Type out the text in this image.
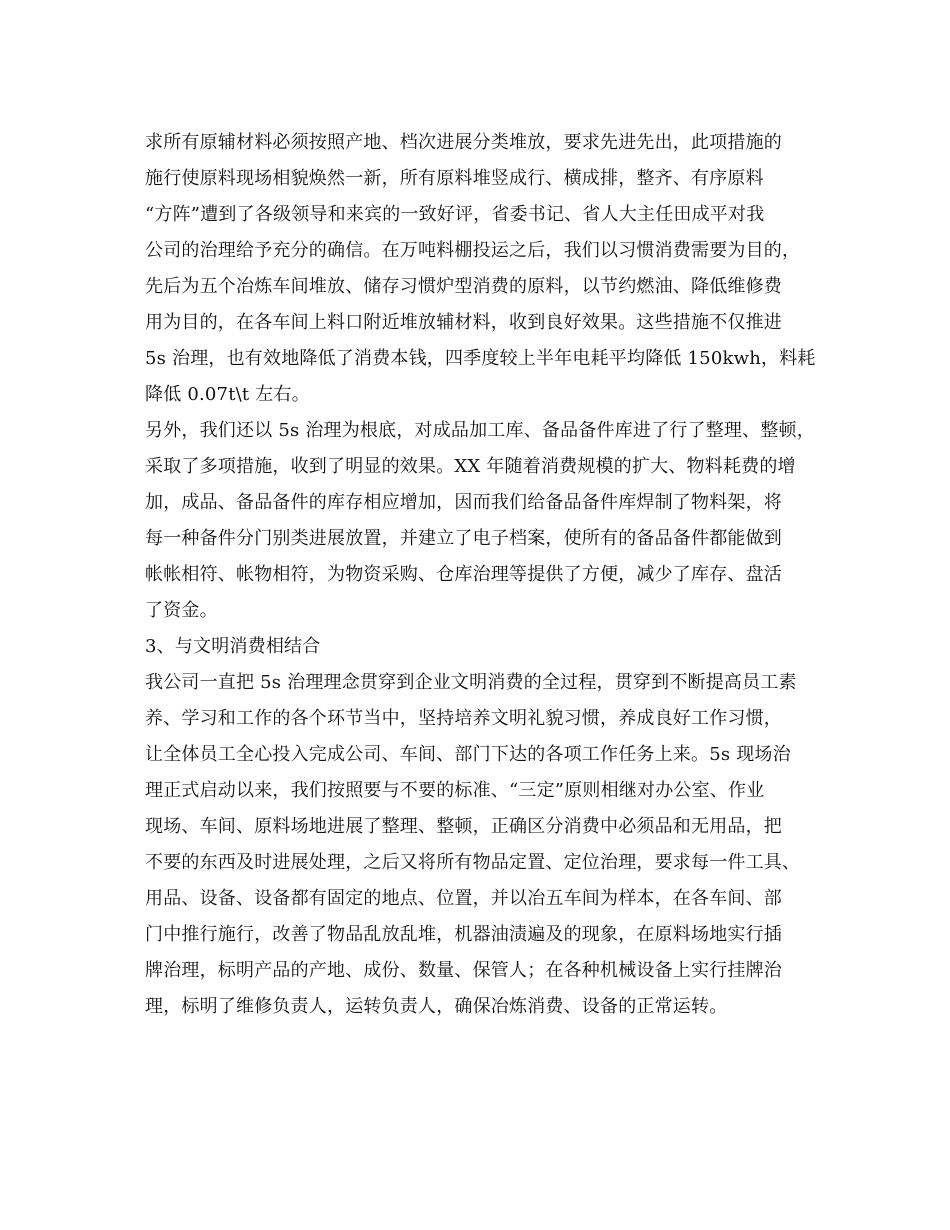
求所有原辅材料必须按照产地、档次进展分类堆放，要求先进先出，此项措施的
施行使原料现场相貌焕然一新，所有原料堆竖成行、横成排，整齐、有序原料
“方阵”遭到了各级领导和来宾的一致好评，省委书记、省人大主任田成平对我
公司的治理给予充分的确信。在万吨料棚投运之后，我们以习惯消费需要为目的，
先后为五个冶炼车间堆放、储存习惯炉型消费的原料，以节约燃油、降低维修费
用为目的，在各车间上料口附近堆放辅材料，收到良好效果。这些措施不仅推进
5s 治理，也有效地降低了消费本钱，四季度较上半年电耗平均降低 150kwh，料耗
降低 0.07t\t 左右。
另外，我们还以 5s 治理为根底，对成品加工库、备品备件库进了行了整理、整顿，
采取了多项措施，收到了明显的效果。XX 年随着消费规模的扩大、物料耗费的增
加，成品、备品备件的库存相应增加，因而我们给备品备件库焊制了物料架，将
每一种备件分门别类进展放置，并建立了电子档案，使所有的备品备件都能做到
帐帐相符、帐物相符，为物资采购、仓库治理等提供了方便，减少了库存、盘活
了资金。
3、与文明消费相结合
我公司一直把 5s 治理理念贯穿到企业文明消费的全过程，贯穿到不断提高员工素
养、学习和工作的各个环节当中，坚持培养文明礼貌习惯，养成良好工作习惯，
让全体员工全心投入完成公司、车间、部门下达的各项工作任务上来。5s 现场治
理正式启动以来，我们按照要与不要的标准、“三定”原则相继对办公室、作业
现场、车间、原料场地进展了整理、整顿，正确区分消费中必须品和无用品，把
不要的东西及时进展处理，之后又将所有物品定置、定位治理，要求每一件工具、
用品、设备、设备都有固定的地点、位置，并以冶五车间为样本，在各车间、部
门中推行施行，改善了物品乱放乱堆，机器油渍遍及的现象，在原料场地实行插
牌治理，标明产品的产地、成份、数量、保管人；在各种机械设备上实行挂牌治
理，标明了维修负责人，运转负责人，确保冶炼消费、设备的正常运转。
